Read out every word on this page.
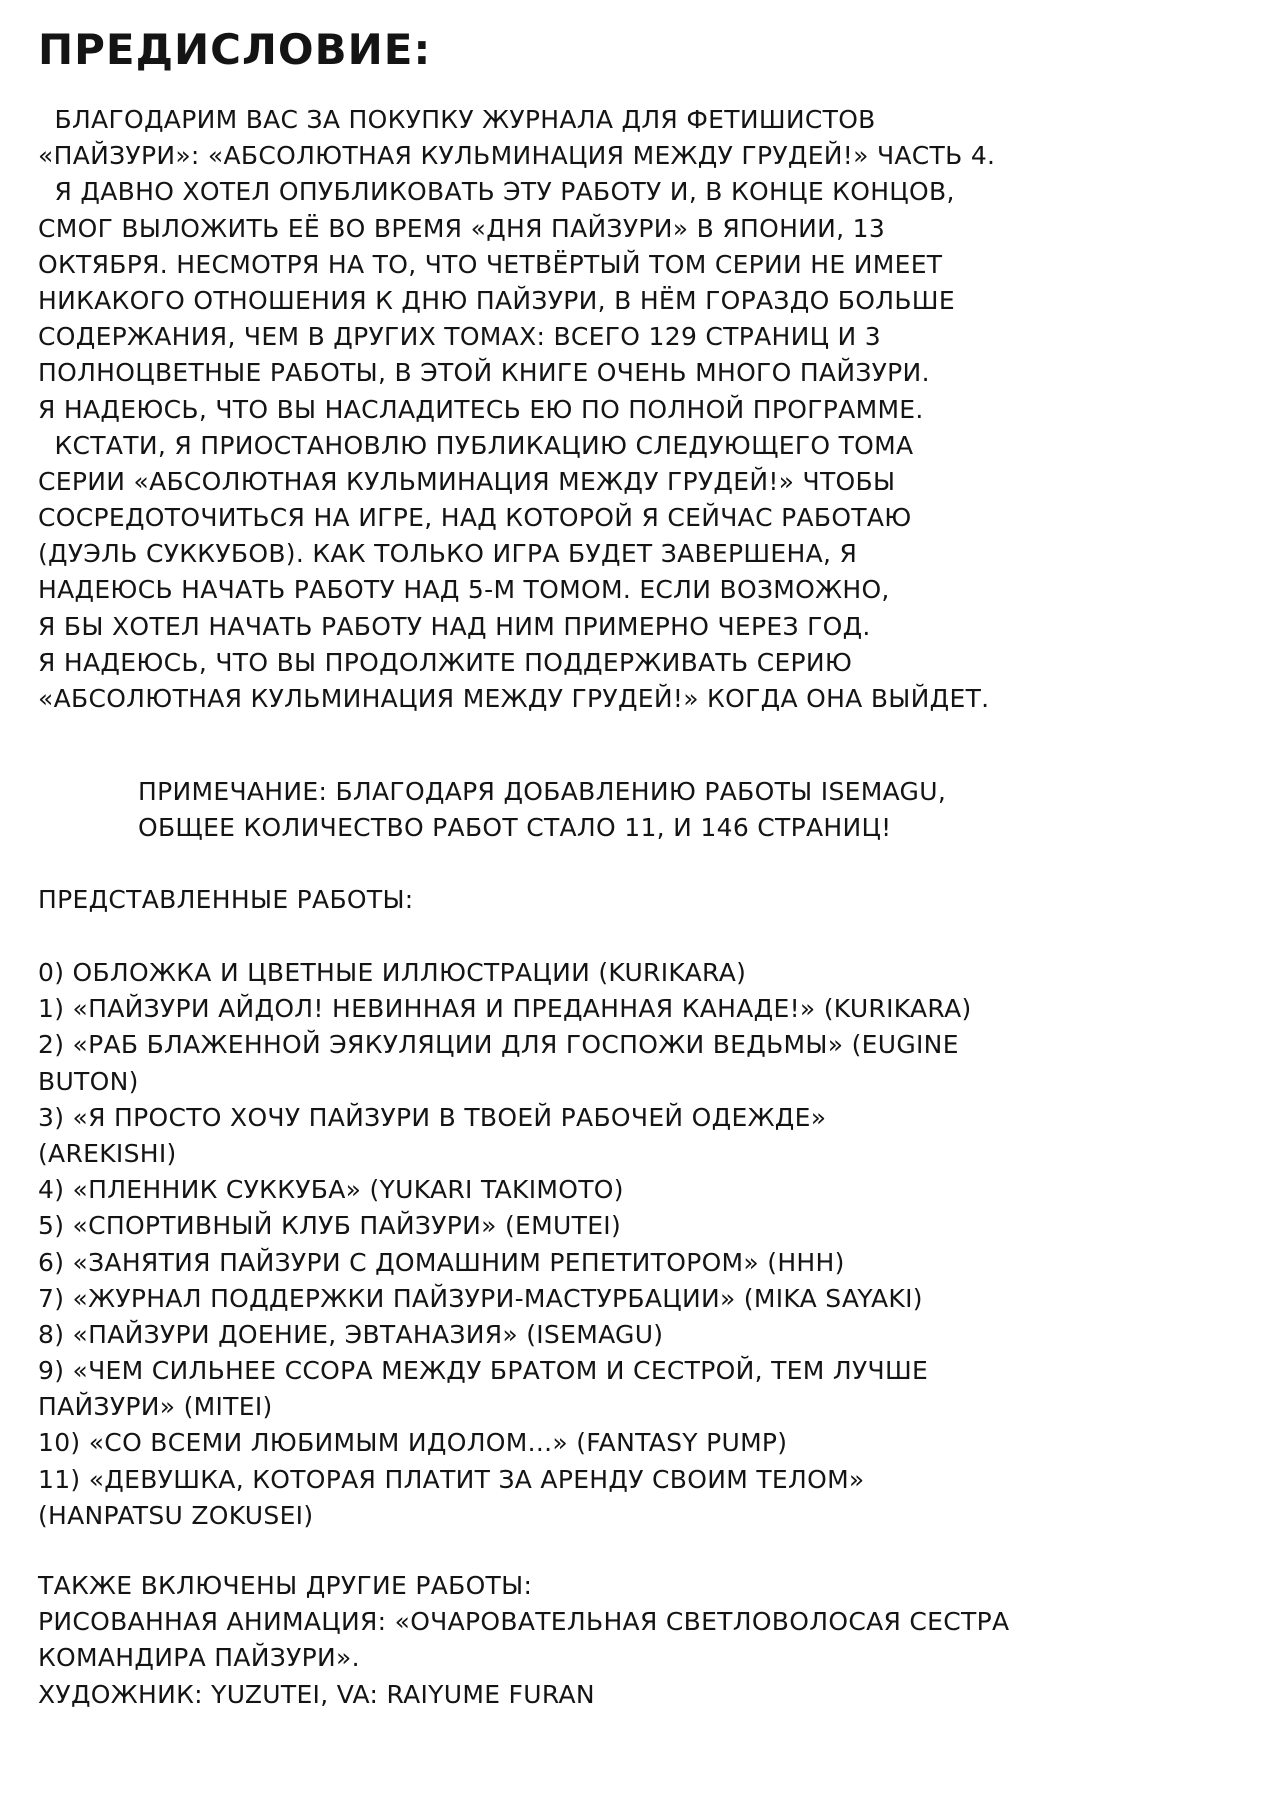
ПРЕДИСЛОВИЕ:
БЛАГОДАРИМ ВАС ЗА ПОКУПКУ ЖУРНАЛА ДЛЯ ФЕТИШИСТОВ
«ПАЙЗУРИ»: «АБСОЛЮТНАЯ КУЛЬМИНАЦИЯ МЕЖДУ ГРУДЕЙ!» ЧАСТЬ 4.
Я ДАВНО ХОТЕЛ ОПУБЛИКОВАТЬ ЭТУ РАБОТУ И, В КОНЦЕ КОНЦОВ,
СМОГ ВЫЛОЖИТЬ ЕЁ ВО ВРЕМЯ «ДНЯ ПАЙЗУРИ» В ЯПОНИИ, 13
ОКТЯБРЯ. НЕСМОТРЯ НА ТО, ЧТО ЧЕТВЁРТЫЙ ТОМ СЕРИИ НЕ ИМЕЕТ
НИКАКОГО ОТНОШЕНИЯ К ДНЮ ПАЙЗУРИ, В НЁМ ГОРАЗДО БОЛЬШЕ
СОДЕРЖАНИЯ, ЧЕМ В ДРУГИХ ТОМАХ: ВСЕГО 129 СТРАНИЦ И 3
ПОЛНОЦВЕТНЫЕ РАБОТЫ, В ЭТОЙ КНИГЕ ОЧЕНЬ МНОГО ПАЙЗУРИ.
Я НАДЕЮСЬ, ЧТО ВЫ НАСЛАДИТЕСЬ ЕЮ ПО ПОЛНОЙ ПРОГРАММЕ.
КСТАТИ, Я ПРИОСТАНОВЛЮ ПУБЛИКАЦИЮ СЛЕДУЮЩЕГО ТОМА
СЕРИИ «АБСОЛЮТНАЯ КУЛЬМИНАЦИЯ МЕЖДУ ГРУДЕЙ!» ЧТОБЫ
СОСРЕДОТОЧИТЬСЯ НА ИГРЕ, НАД КОТОРОЙ Я СЕЙЧАС РАБОТАЮ
(ДУЭЛЬ СУККУБОВ). КАК ТОЛЬКО ИГРА БУДЕТ ЗАВЕРШЕНА, Я
НАДЕЮСЬ НАЧАТЬ РАБОТУ НАД 5-М ТОМОМ. ЕСЛИ ВОЗМОЖНО,
Я БЫ ХОТЕЛ НАЧАТЬ РАБОТУ НАД НИМ ПРИМЕРНО ЧЕРЕЗ ГОД.
Я НАДЕЮСЬ, ЧТО ВЫ ПРОДОЛЖИТЕ ПОДДЕРЖИВАТЬ СЕРИЮ
«АБСОЛЮТНАЯ КУЛЬМИНАЦИЯ МЕЖДУ ГРУДЕЙ!» КОГДА ОНА ВЫЙДЕТ.
ПРИМЕЧАНИЕ: БЛАГОДАРЯ ДОБАВЛЕНИЮ РАБОТЫ ISEMAGU,
ОБЩЕЕ КОЛИЧЕСТВО РАБОТ СТАЛО 11, И 146 СТРАНИЦ!
ПРЕДСТАВЛЕННЫЕ РАБОТЫ:
0) ОБЛОЖКА И ЦВЕТНЫЕ ИЛЛЮСТРАЦИИ (KURIKARA)
1) «ПАЙЗУРИ АЙДОЛ! НЕВИННАЯ И ПРЕДАННАЯ КАНАДЕ!» (KURIKARA)
2) «РАБ БЛАЖЕННОЙ ЭЯКУЛЯЦИИ ДЛЯ ГОСПОЖИ ВЕДЬМЫ» (EUGINE
BUTON)
3) «Я ПРОСТО ХОЧУ ПАЙЗУРИ В ТВОЕЙ РАБОЧЕЙ ОДЕЖДЕ»
(AREKISHI)
4) «ПЛЕННИК СУККУБА» (YUKARI TAKIMOTO)
5) «СПОРТИВНЫЙ КЛУБ ПАЙЗУРИ» (EMUTEI)
6) «ЗАНЯТИЯ ПАЙЗУРИ С ДОМАШНИМ РЕПЕТИТОРОМ» (HHH)
7) «ЖУРНАЛ ПОДДЕРЖКИ ПАЙЗУРИ-МАСТУРБАЦИИ» (MIKA SAYAKI)
8) «ПАЙЗУРИ ДОЕНИЕ, ЭВТАНАЗИЯ» (ISEMAGU)
9) «ЧЕМ СИЛЬНЕЕ ССОРА МЕЖДУ БРАТОМ И СЕСТРОЙ, ТЕМ ЛУЧШЕ
ПАЙЗУРИ» (MITEI)
10) «СО ВСЕМИ ЛЮБИМЫМ ИДОЛОМ...» (FANTASY PUMP)
11) «ДЕВУШКА, КОТОРАЯ ПЛАТИТ ЗА АРЕНДУ СВОИМ ТЕЛОМ»
(HANPATSU ZOKUSEI)
ТАКЖЕ ВКЛЮЧЕНЫ ДРУГИЕ РАБОТЫ:
РИСОВАННАЯ АНИМАЦИЯ: «ОЧАРОВАТЕЛЬНАЯ СВЕТЛОВОЛОСАЯ СЕСТРА
КОМАНДИРА ПАЙЗУРИ».
ХУДОЖНИК: YUZUTEI, VA: RAIYUME FURAN
